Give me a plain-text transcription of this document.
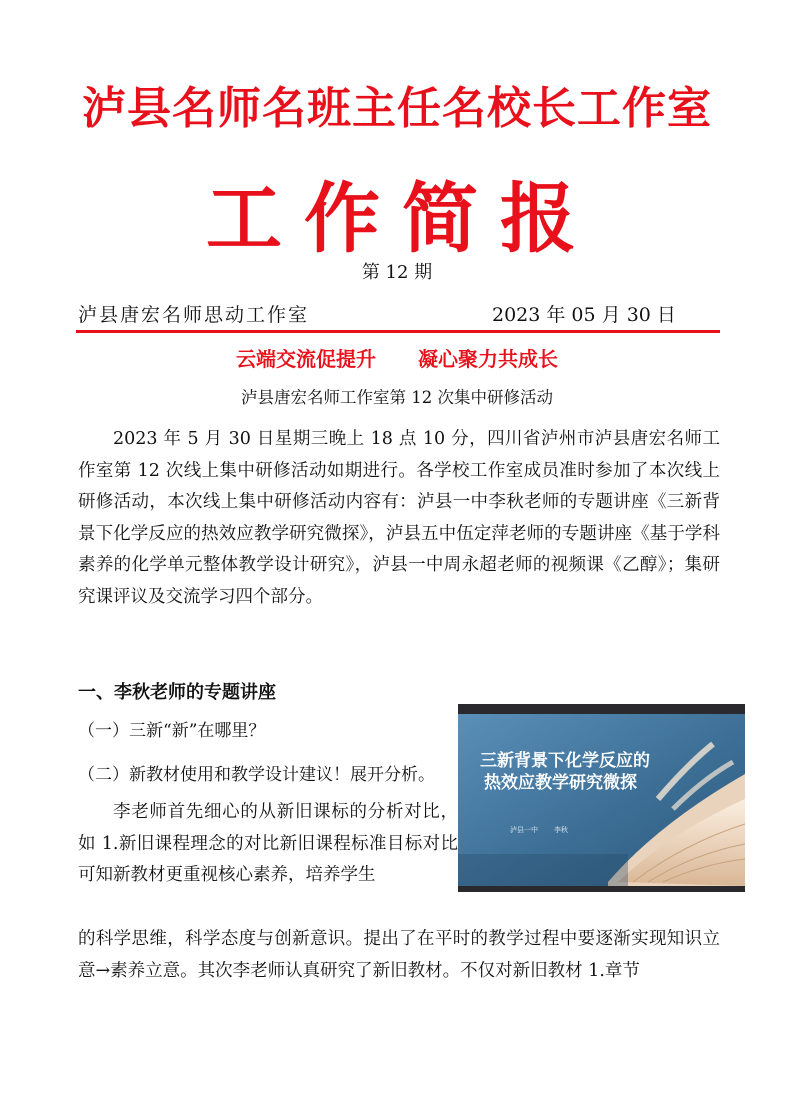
泸县名师名班主任名校长工作室
工作简报
第 12 期
泸县唐宏名师思动工作室	2023 年 05 月 30 日
云端交流促提升 凝心聚力共成长
泸县唐宏名师工作室第 12 次集中研修活动
2023 年 5 月 30 日星期三晚上 18 点 10 分，四川省泸州市泸县唐宏名师工作室第 12 次线上集中研修活动如期进行。各学校工作室成员准时参加了本次线上研修活动，本次线上集中研修活动内容有：泸县一中李秋老师的专题讲座《三新背景下化学反应的热效应教学研究微探》，泸县五中伍定萍老师的专题讲座《基于学科素养的化学单元整体教学设计研究》，泸县一中周永超老师的视频课《乙醇》；集研究课评议及交流学习四个部分。
一、李秋老师的专题讲座
（一）三新“新”在哪里？
（二）新教材使用和教学设计建议！展开分析。
三新背景下化学反应的
热效应教学研究微探
泸县一中 李秋
李老师首先细心的从新旧课标的分析对比，如 1.新旧课程理念的对比新旧课程标准目标对比可知新教材更重视核心素养，培养学生
的科学思维，科学态度与创新意识。提出了在平时的教学过程中要逐渐实现知识立意→素养立意。其次李老师认真研究了新旧教材。不仅对新旧教材 1.章节
